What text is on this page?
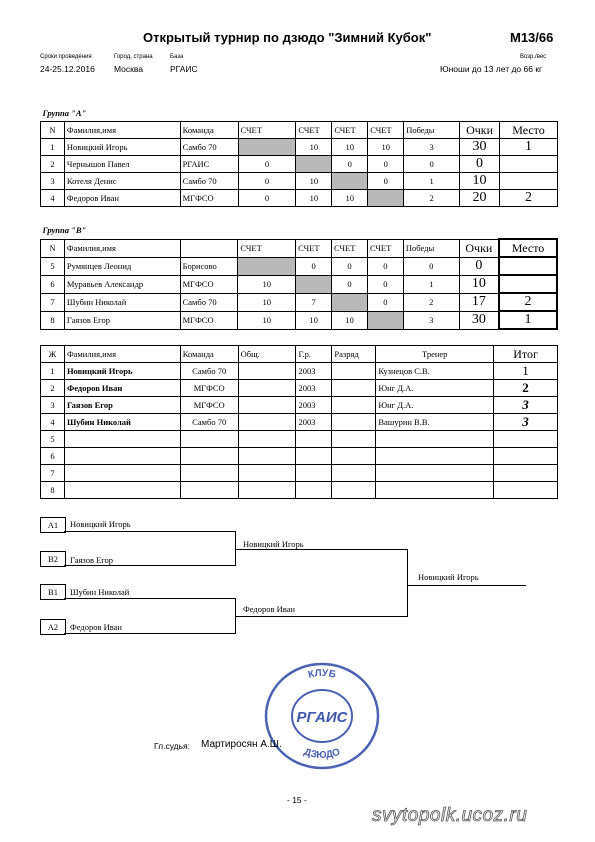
Открытый турнир по дзюдо "Зимний Кубок"	M13/66
Сроки проведения	Город, страна	База
24-25.12.2016 Москва	РГАИС
Возр./вес
Юноши до 13 лет до 66 кг
Группа "А"									
N	Фамилия,имя	Команда	СЧЕТ	СЧЕТ	СЧЕТ	СЧЕТ	Победы	Очки	Место
1	Новицкий Игорь	Самбо 70		10	10	10	3	30	1
2	Чернышов Павел	РГАИС	0		0	0	0	0	
3	Котеля Денис	Самбо 70	0	10		0	1	10	
4	Федоров Иван	МГФСО	0	10	10		2	20	2
Группа "В"									
N	Фамилия,имя		СЧЕТ	СЧЕТ	СЧЕТ	СЧЕТ	Победы	Очки	Место
5	Румянцев Леонид	Борисово		0	0	0	0	0	
6	Муравьев Александр	МГФСО	10		0	0	1	10	
7	Шубин Николай	Самбо 70	10	7		0	2	17	2
8	Гаязов Егор	МГФСО	10	10	10		3	30	1
Ж	Фамилия,имя	Команда	Общ.	Г.р.	Разряд	Тренер	Итог
1	Новицкий Игорь	Самбо 70		2003		Кузнецов С.В.	1
2	Федоров Иван	МГФСО		2003		Юнг Д.А.	2
3	Гаязов Егор	МГФСО		2003		Юнг Д.А.	3
4	Шубин Николай	Самбо 70		2003		Вашурин В.В.	3
5							
6							
7							
8							
А1	Новицкий Игорь
В2	Гаязов Егор
Новицкий Игорь
В1	Шубин Николай
А2	Федоров Иван
Федоров Иван
Новицкий Игорь
КЛУБ
ДЗЮДО
РГАИС
Гл.судья: Мартиросян А.Ш.
- 15 -
svytopolk.ucoz.ru
